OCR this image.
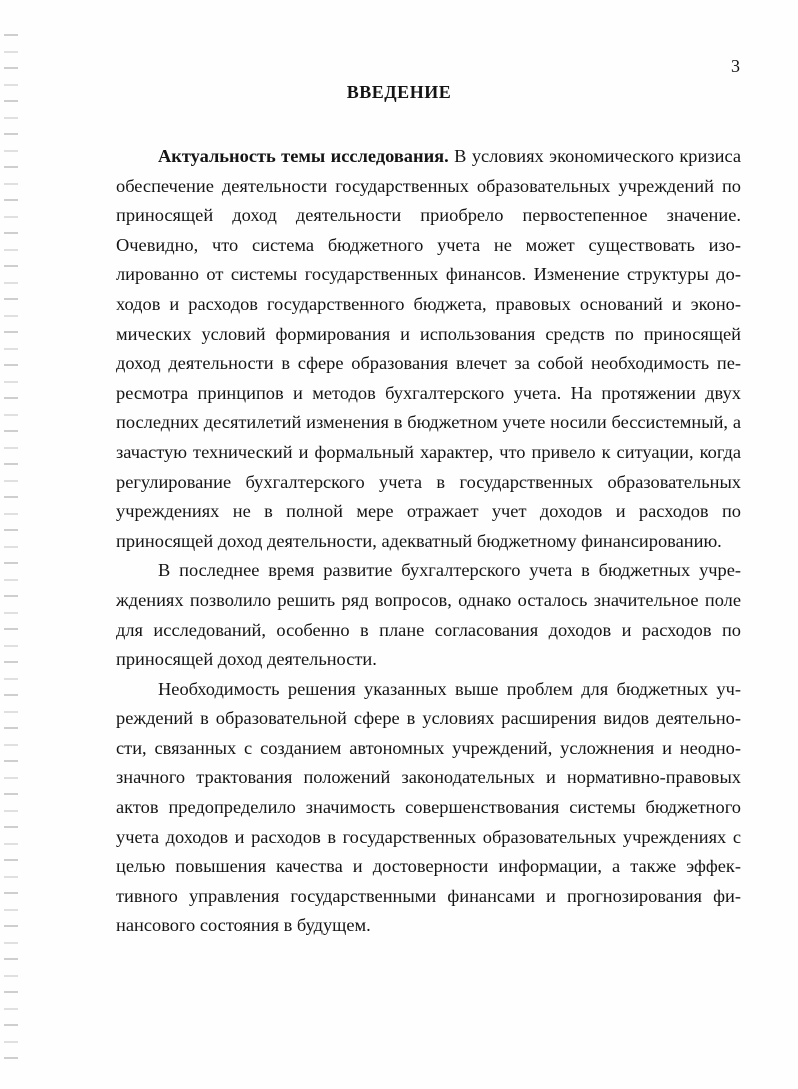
3
ВВЕДЕНИЕ

Актуальность темы исследования. В условиях экономического кризиса обеспечение деятельности государственных образовательных учреждений по приносящей доход деятельности приобрело первостепенное значение. Очевидно, что система бюджетного учета не может существовать изолированно от системы государственных финансов. Изменение структуры доходов и расходов государственного бюджета, правовых оснований и экономических условий формирования и использования средств по приносящей доход деятельности в сфере образования влечет за собой необходимость пересмотра принципов и методов бухгалтерского учета. На протяжении двух последних десятилетий изменения в бюджетном учете носили бессистемный, а зачастую технический и формальный характер, что привело к ситуации, когда регулирование бухгалтерского учета в государственных образовательных учреждениях не в полной мере отражает учет доходов и расходов по приносящей доход деятельности, адекватный бюджетному финансированию.

В последнее время развитие бухгалтерского учета в бюджетных учреждениях позволило решить ряд вопросов, однако осталось значительное поле для исследований, особенно в плане согласования доходов и расходов по приносящей доход деятельности.

Необходимость решения указанных выше проблем для бюджетных учреждений в образовательной сфере в условиях расширения видов деятельности, связанных с созданием автономных учреждений, усложнения и неоднозначного трактования положений законодательных и нормативно-правовых актов предопределило значимость совершенствования системы бюджетного учета доходов и расходов в государственных образовательных учреждениях с целью повышения качества и достоверности информации, а также эффективного управления государственными финансами и прогнозирования финансового состояния в будущем.
